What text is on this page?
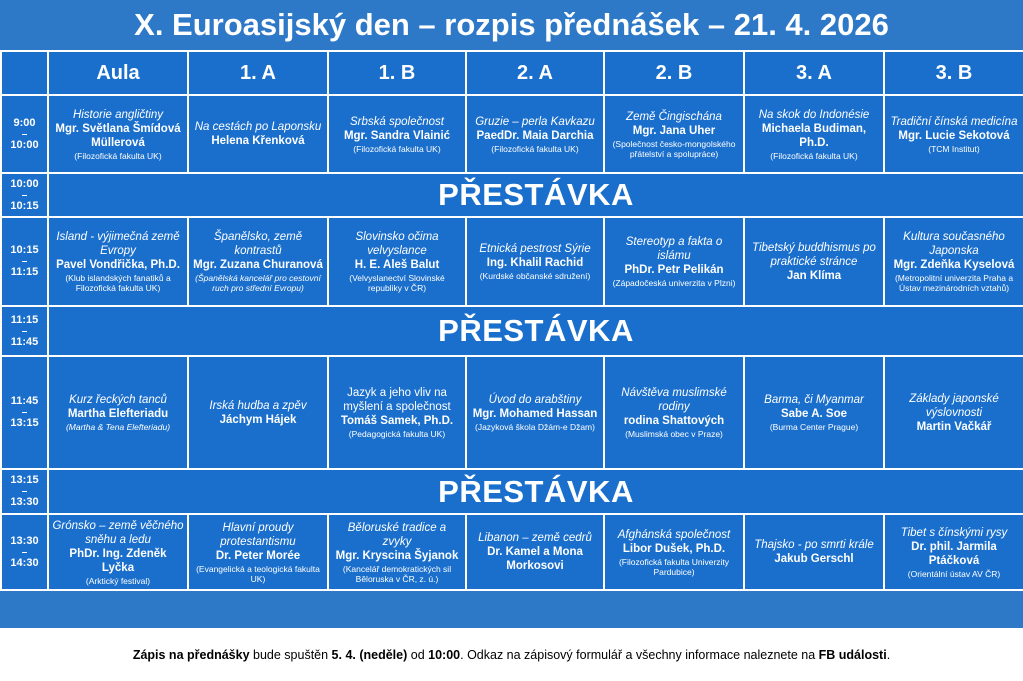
X. Euroasijský den – rozpis přednášek – 21. 4. 2026
	Aula	1. A	1. B	2. A	2. B	3. A	3. B
9:00
–
10:00	Historie angličtiny
Mgr. Světlana Šmídová Müllerová
(Filozofická fakulta UK)	Na cestách po Laponsku
Helena Křenková	Srbská společnost
Mgr. Sandra Vlainić
(Filozofická fakulta UK)	Gruzie – perla Kavkazu
PaedDr. Maia Darchia
(Filozofická fakulta UK)	Země Čingischána
Mgr. Jana Uher
(Společnost česko-mongolského přátelství a spolupráce)	Na skok do Indonésie
Michaela Budiman, Ph.D.
(Filozofická fakulta UK)	Tradiční čínská medicína
Mgr. Lucie Sekotová
(TCM Institut)

10:00
–
10:15	PŘESTÁVKA						
10:15
–
11:15	Island - výjimečná země Evropy
Pavel Vondřička, Ph.D.
(Klub islandských fanatiků a Filozofická fakulta UK)	Španělsko, země kontrastů
Mgr. Zuzana Churanová
(Španělská kancelář pro cestovní ruch pro střední Evropu)	Slovinsko očima velvyslance
H. E. Aleš Balut
(Velvyslanectví Slovinské republiky v ČR)	Etnická pestrost Sýrie
Ing. Khalil Rachid
(Kurdské občanské sdružení)	Stereotyp a fakta o islámu
PhDr. Petr Pelikán
(Západočeská univerzita v Plzni)	Tibetský buddhismus po praktické stránce
Jan Klíma	Kultura současného Japonska
Mgr. Zdeňka Kyselová
(Metropolitní univerzita Praha a Ústav mezinárodních vztahů)

11:15
–
11:45	PŘESTÁVKA						
11:45
–
13:15	Kurz řeckých tanců
Martha Elefteriadu
(Martha & Tena Elefteriadu)	Irská hudba a zpěv
Jáchym Hájek	Jazyk a jeho vliv na myšlení a společnost
Tomáš Samek, Ph.D.
(Pedagogická fakulta UK)	Úvod do arabštiny
Mgr. Mohamed Hassan
(Jazyková škola Džám-e Džam)	Návštěva muslimské rodiny
rodina Shattových
(Muslimská obec v Praze)	Barma, či Myanmar
Sabe A. Soe
(Burma Center Prague)	Základy japonské výslovnosti
Martin Vačkář

13:15
–
13:30	PŘESTÁVKA						
13:30
–
14:30	Grónsko – země věčného sněhu a ledu
PhDr. Ing. Zdeněk Lyčka
(Arktický festival)	Hlavní proudy protestantismu
Dr. Peter Morée
(Evangelická a teologická fakulta UK)	Běloruské tradice a zvyky
Mgr. Kryscina Šyjanok
(Kancelář demokratických sil Běloruska v ČR, z. ú.)	Libanon – země cedrů
Dr. Kamel a Mona Morkosovi	Afghánská společnost
Libor Dušek, Ph.D.
(Filozofická fakulta Univerzity Pardubice)	Thajsko - po smrti krále
Jakub Gerschl	Tibet s čínskými rysy
Dr. phil. Jarmila Ptáčková
(Orientální ústav AV ČR)
Zápis na přednášky bude spuštěn 5. 4. (neděle) od 10:00. Odkaz na zápisový formulář a všechny informace naleznete na FB události.
